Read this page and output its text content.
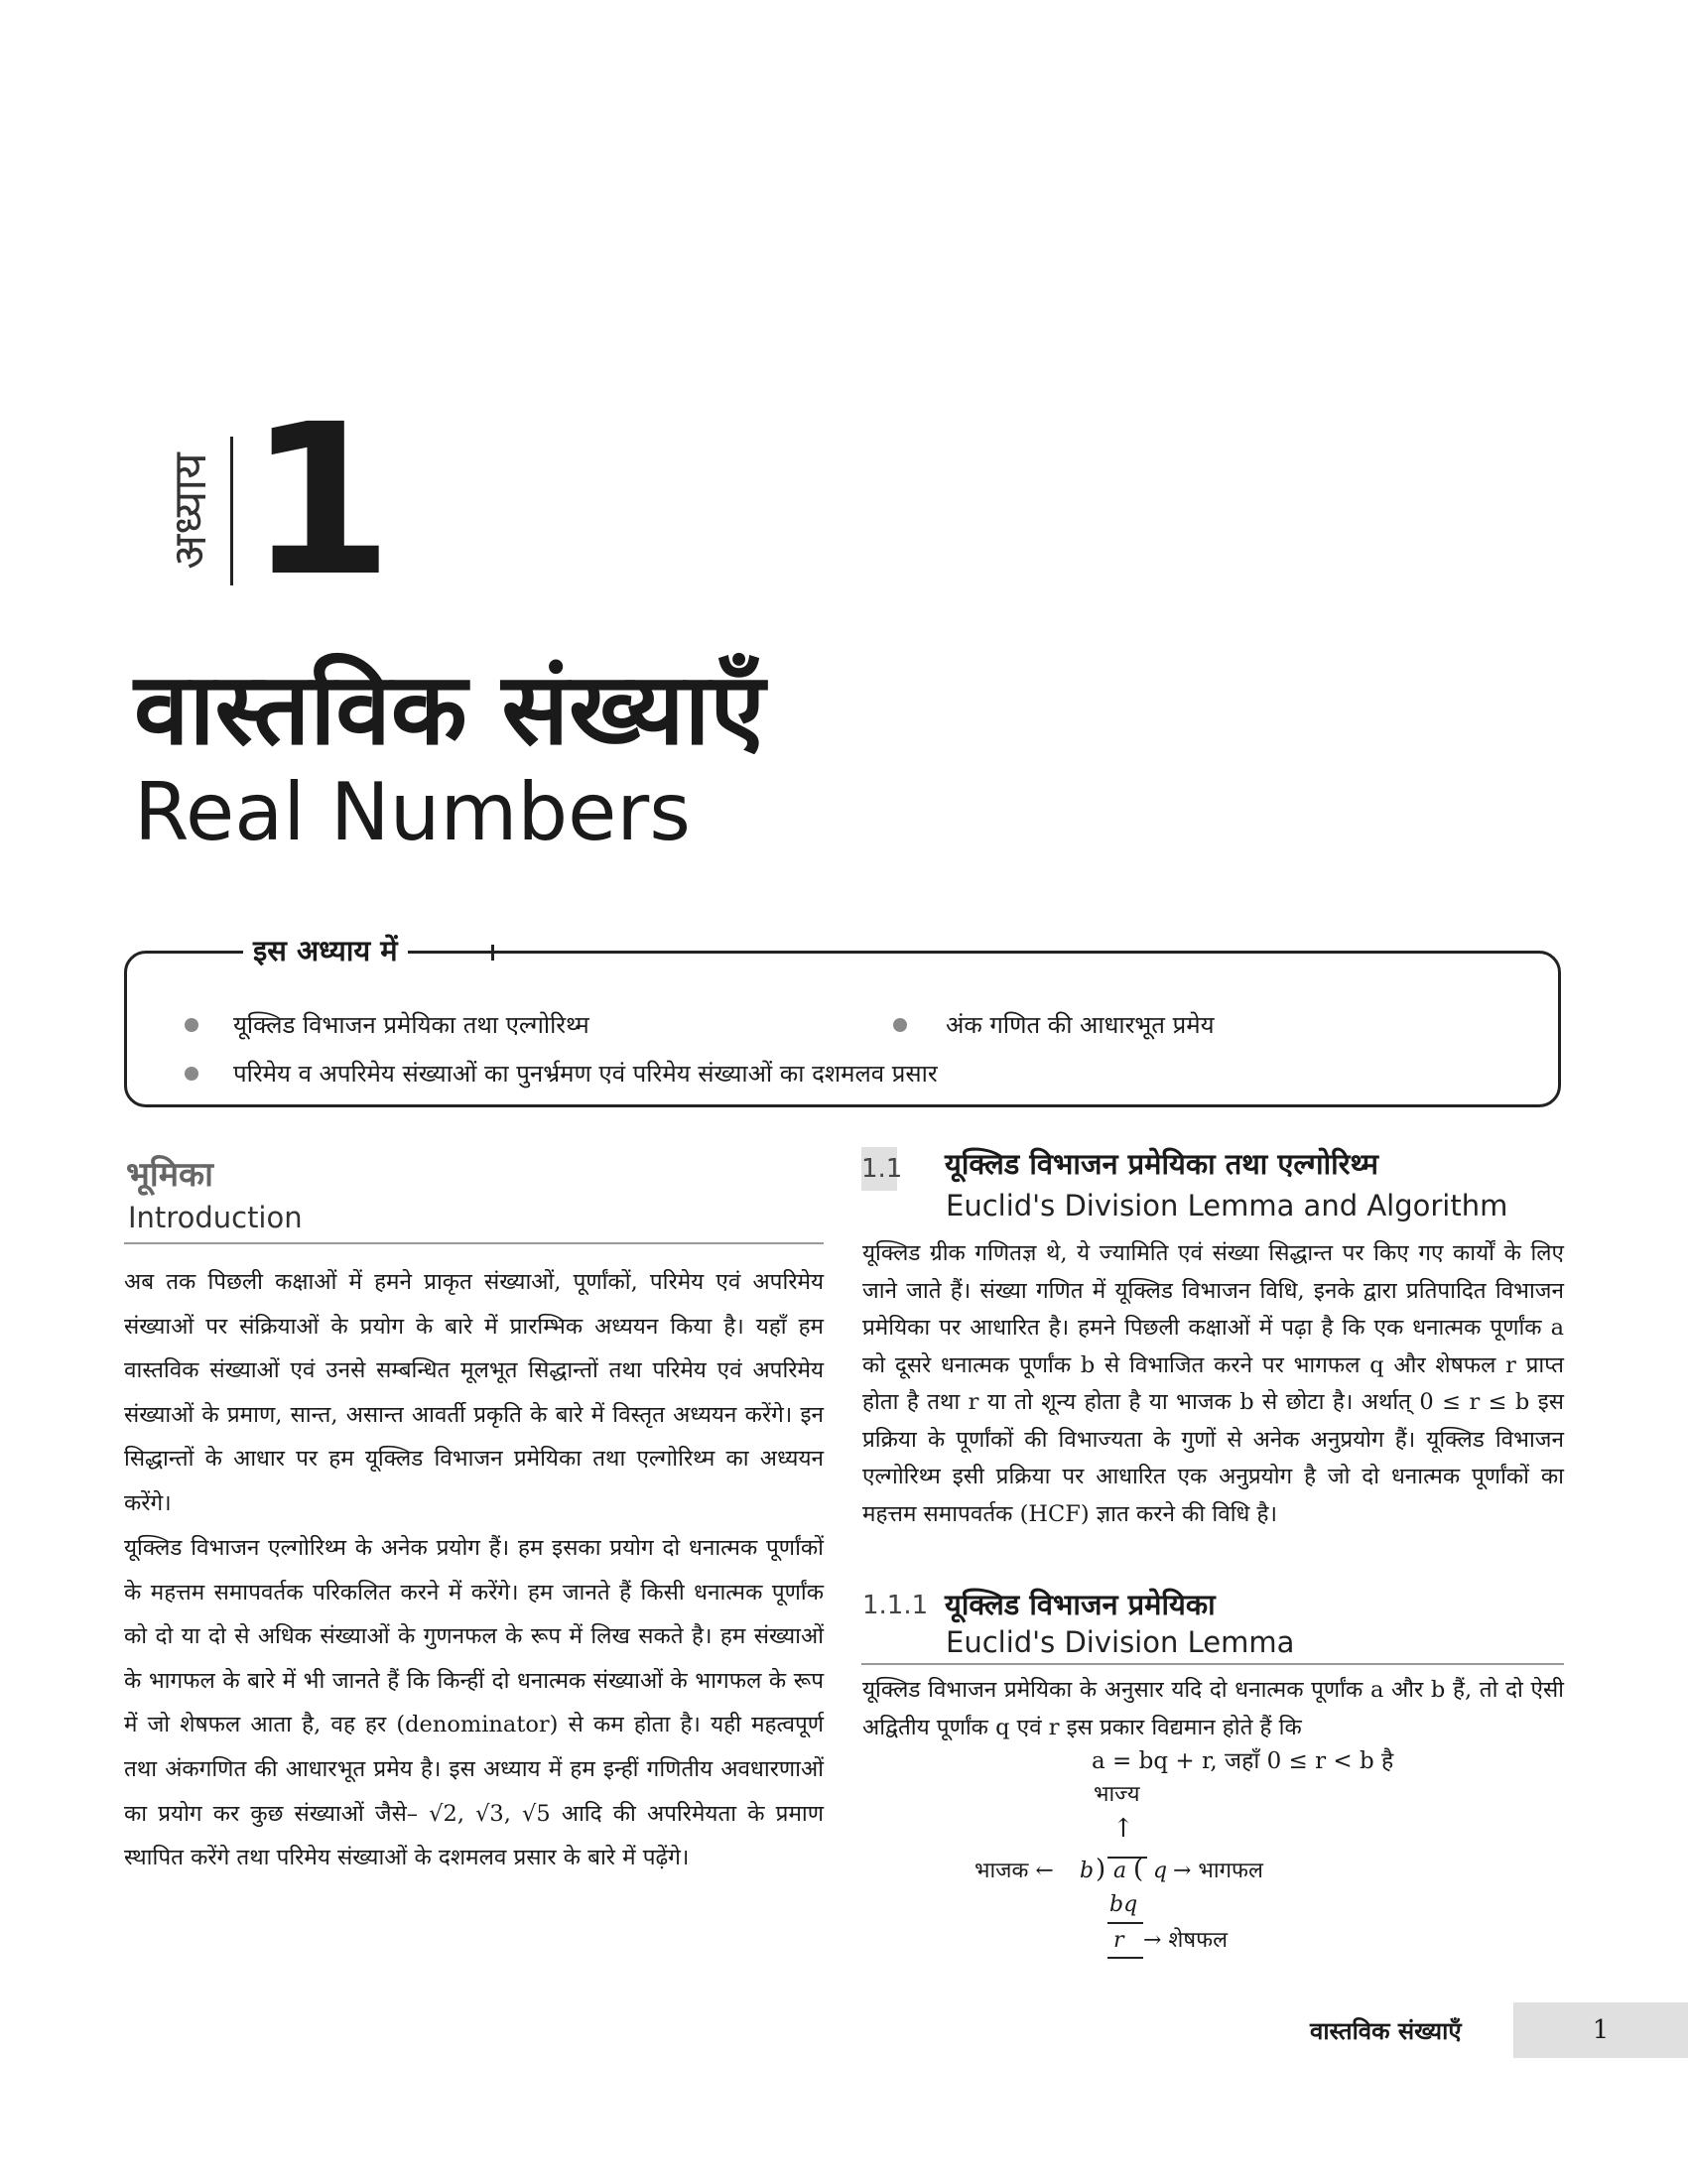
अध्याय 1
वास्तविक संख्याएँ
Real Numbers
इस अध्याय में
यूक्लिड विभाजन प्रमेयिका तथा एल्गोरिथ्म	अंक गणित की आधारभूत प्रमेय
परिमेय व अपरिमेय संख्याओं का पुनर्भ्रमण एवं परिमेय संख्याओं का दशमलव प्रसार
भूमिका
Introduction
अब तक पिछली कक्षाओं में हमने प्राकृत संख्याओं, पूर्णांकों, परिमेय एवं अपरिमेय संख्याओं पर संक्रियाओं के प्रयोग के बारे में प्रारम्भिक अध्ययन किया है। यहाँ हम वास्तविक संख्याओं एवं उनसे सम्बन्धित मूलभूत सिद्धान्तों तथा परिमेय एवं अपरिमेय संख्याओं के प्रमाण, सान्त, असान्त आवर्ती प्रकृति के बारे में विस्तृत अध्ययन करेंगे। इन सिद्धान्तों के आधार पर हम यूक्लिड विभाजन प्रमेयिका तथा एल्गोरिथ्म का अध्ययन करेंगे।
यूक्लिड विभाजन एल्गोरिथ्म के अनेक प्रयोग हैं। हम इसका प्रयोग दो धनात्मक पूर्णांकों के महत्तम समापवर्तक परिकलित करने में करेंगे। हम जानते हैं किसी धनात्मक पूर्णांक को दो या दो से अधिक संख्याओं के गुणनफल के रूप में लिख सकते है। हम संख्याओं के भागफल के बारे में भी जानते हैं कि किन्हीं दो धनात्मक संख्याओं के भागफल के रूप में जो शेषफल आता है, वह हर (denominator) से कम होता है। यही महत्वपूर्ण तथा अंकगणित की आधारभूत प्रमेय है। इस अध्याय में हम इन्हीं गणितीय अवधारणाओं का प्रयोग कर कुछ संख्याओं जैसे– √2, √3, √5 आदि की अपरिमेयता के प्रमाण स्थापित करेंगे तथा परिमेय संख्याओं के दशमलव प्रसार के बारे में पढ़ेंगे।
1.1 यूक्लिड विभाजन प्रमेयिका तथा एल्गोरिथ्म
Euclid's Division Lemma and Algorithm
यूक्लिड ग्रीक गणितज्ञ थे, ये ज्यामिति एवं संख्या सिद्धान्त पर किए गए कार्यों के लिए जाने जाते हैं। संख्या गणित में यूक्लिड विभाजन विधि, इनके द्वारा प्रतिपादित विभाजन प्रमेयिका पर आधारित है। हमने पिछली कक्षाओं में पढ़ा है कि एक धनात्मक पूर्णांक a को दूसरे धनात्मक पूर्णांक b से विभाजित करने पर भागफल q और शेषफल r प्राप्त होता है तथा r या तो शून्य होता है या भाजक b से छोटा है। अर्थात् 0 ≤ r ≤ b इस प्रक्रिया के पूर्णांकों की विभाज्यता के गुणों से अनेक अनुप्रयोग हैं। यूक्लिड विभाजन एल्गोरिथ्म इसी प्रक्रिया पर आधारित एक अनुप्रयोग है जो दो धनात्मक पूर्णांकों का महत्तम समापवर्तक (HCF) ज्ञात करने की विधि है।
1.1.1 यूक्लिड विभाजन प्रमेयिका
Euclid's Division Lemma
यूक्लिड विभाजन प्रमेयिका के अनुसार यदि दो धनात्मक पूर्णांक a और b हैं, तो दो ऐसी अद्वितीय पूर्णांक q एवं r इस प्रकार विद्यमान होते हैं कि
a = bq + r, जहाँ 0 ≤ r < b है
भाज्य
↑
भाजक ← b ) a ( q → भागफल
bq
r → शेषफल
वास्तविक संख्याएँ	1
